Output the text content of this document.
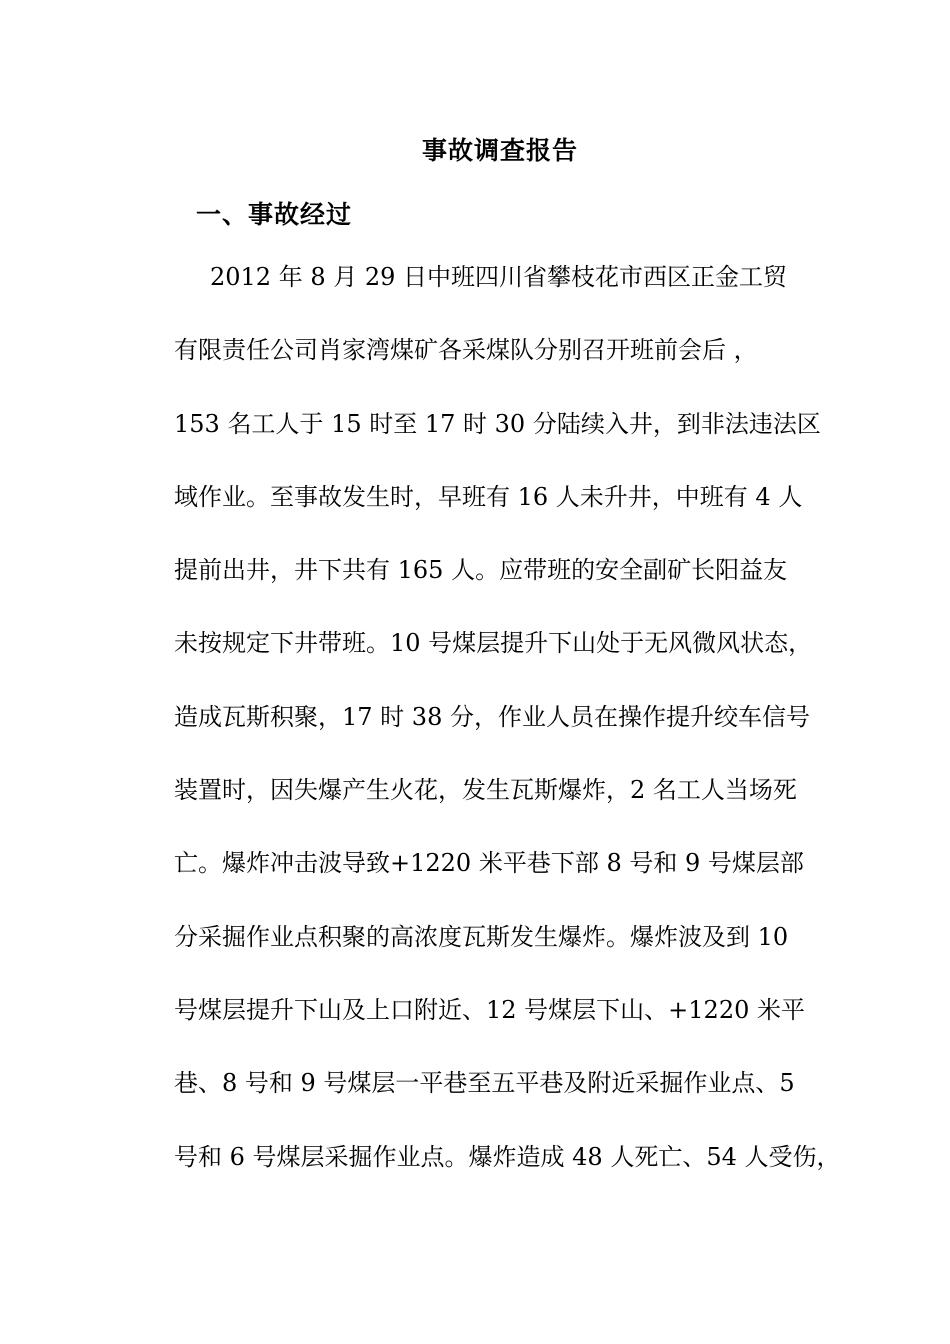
事故调查报告
一、事故经过
2012 年 8 月 29 日中班四川省攀枝花市西区正金工贸
有限责任公司肖家湾煤矿各采煤队分别召开班前会后 ，
153 名工人于 15 时至 17 时 30 分陆续入井，到非法违法区
域作业。至事故发生时，早班有 16 人未升井，中班有 4 人
提前出井，井下共有 165 人。应带班的安全副矿长阳益友
未按规定下井带班。10 号煤层提升下山处于无风微风状态，
造成瓦斯积聚，17 时 38 分，作业人员在操作提升绞车信号
装置时，因失爆产生火花，发生瓦斯爆炸，2 名工人当场死
亡。爆炸冲击波导致+1220 米平巷下部 8 号和 9 号煤层部
分采掘作业点积聚的高浓度瓦斯发生爆炸。爆炸波及到 10
号煤层提升下山及上口附近、12 号煤层下山、+1220 米平
巷、8 号和 9 号煤层一平巷至五平巷及附近采掘作业点、5
号和 6 号煤层采掘作业点。爆炸造成 48 人死亡、54 人受伤，
